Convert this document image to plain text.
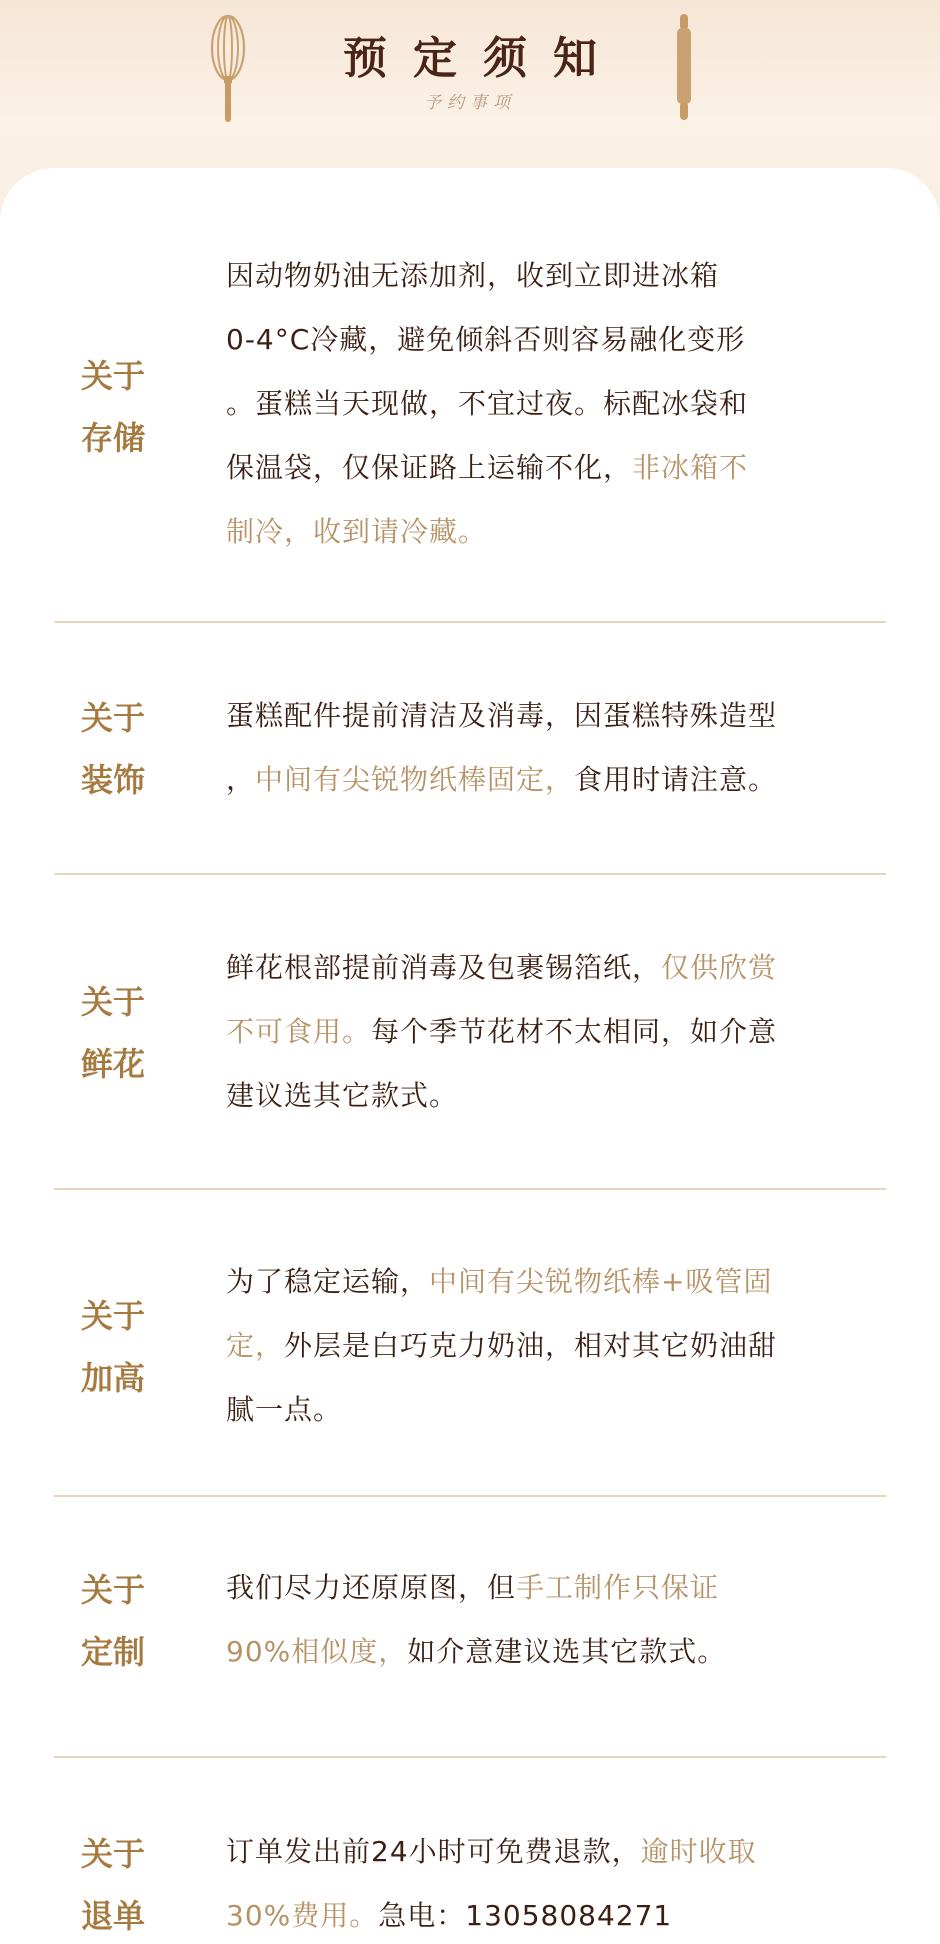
预定须知
予约事项
关于
存储
因动物奶油无添加剂，收到立即进冰箱
0-4°C冷藏，避免倾斜否则容易融化变形
。蛋糕当天现做，不宜过夜。标配冰袋和
保温袋，仅保证路上运输不化，非冰箱不
制冷，收到请冷藏。
关于
装饰
蛋糕配件提前清洁及消毒，因蛋糕特殊造型
，中间有尖锐物纸棒固定，食用时请注意。
关于
鲜花
鲜花根部提前消毒及包裹锡箔纸，仅供欣赏
不可食用。每个季节花材不太相同，如介意
建议选其它款式。
关于
加高
为了稳定运输，中间有尖锐物纸棒+吸管固
定，外层是白巧克力奶油，相对其它奶油甜
腻一点。
关于
定制
我们尽力还原原图，但手工制作只保证
90%相似度，如介意建议选其它款式。
关于
退单
订单发出前24小时可免费退款，逾时收取
30%费用。急电：13058084271
